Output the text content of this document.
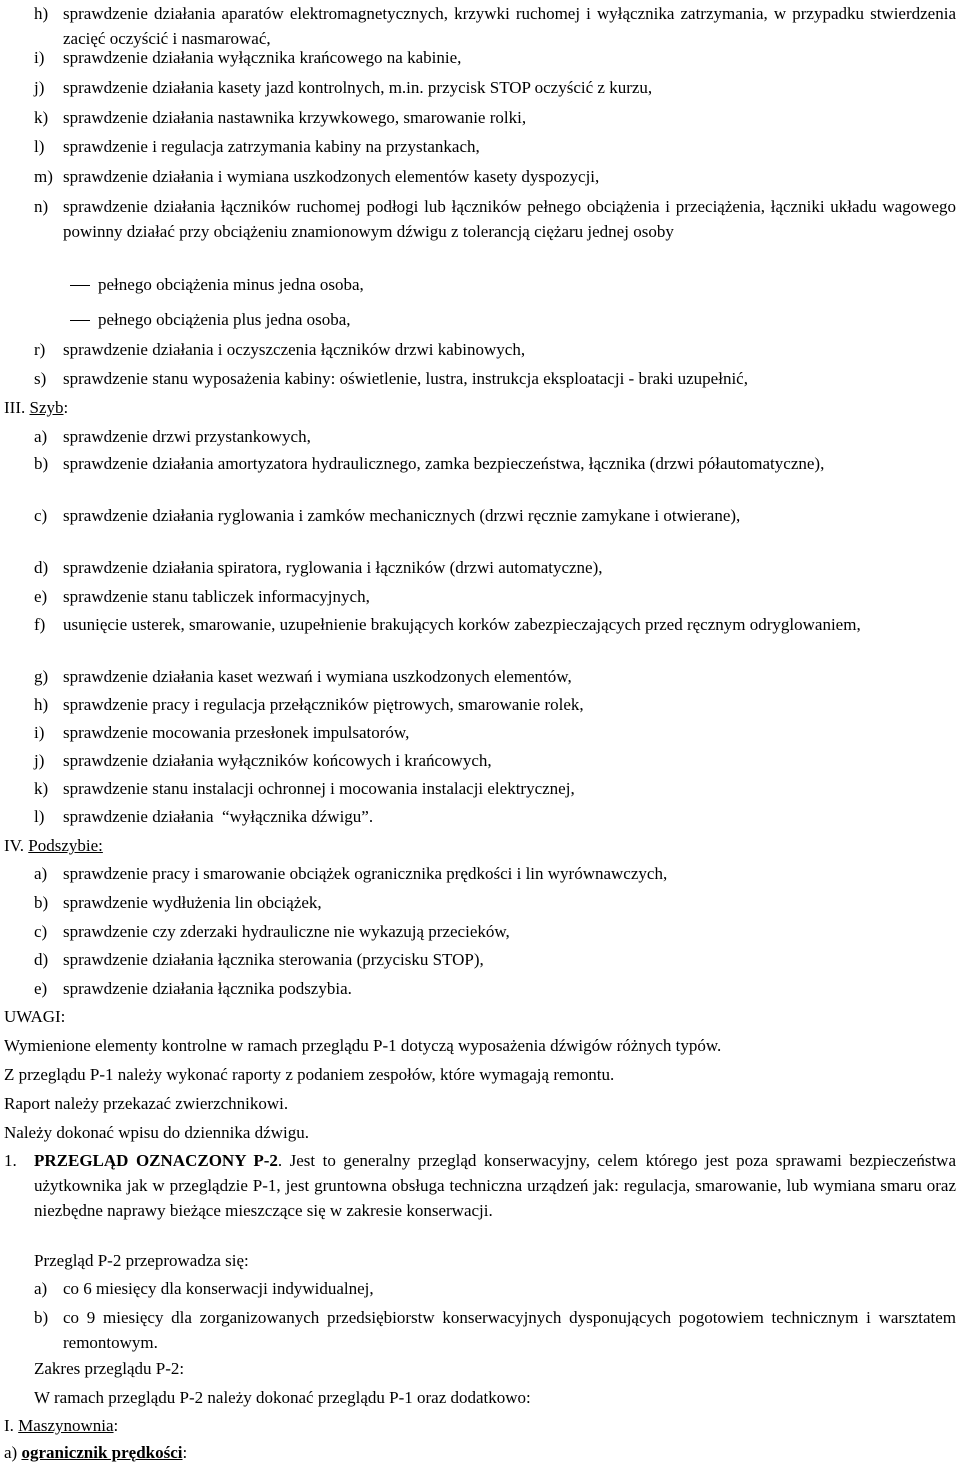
h) sprawdzenie działania aparatów elektromagnetycznych, krzywki ruchomej i wyłącznika zatrzymania, w przypadku stwierdzenia zacięć oczyścić i nasmarować,
i)	sprawdzenie działania wyłącznika krańcowego na kabinie,
j)	sprawdzenie działania kasety jazd kontrolnych, m.in. przycisk STOP oczyścić z kurzu,
k) sprawdzenie działania nastawnika krzywkowego, smarowanie rolki,
l)	sprawdzenie i regulacja zatrzymania kabiny na przystankach,
m) sprawdzenie działania i wymiana uszkodzonych elementów kasety dyspozycji,
n) sprawdzenie działania łączników ruchomej podłogi lub łączników pełnego obciążenia i przeciążenia, łączniki układu wagowego powinny działać przy obciążeniu znamionowym dźwigu z tolerancją ciężaru jednej osoby
pełnego obciążenia minus jedna osoba,
pełnego obciążenia plus jedna osoba,
r)	sprawdzenie działania i oczyszczenia łączników drzwi kabinowych,
s) sprawdzenie stanu wyposażenia kabiny: oświetlenie, lustra, instrukcja eksploatacji - braki uzupełnić,
III. Szyb:
a) sprawdzenie drzwi przystankowych,
b) sprawdzenie działania amortyzatora hydraulicznego, zamka bezpieczeństwa, łącznika (drzwi półautomatyczne),
c) sprawdzenie działania ryglowania i zamków mechanicznych (drzwi ręcznie zamykane i otwierane),
d) sprawdzenie działania spiratora, ryglowania i łączników (drzwi automatyczne),
e) sprawdzenie stanu tabliczek informacyjnych,
f)	usunięcie usterek, smarowanie, uzupełnienie brakujących korków zabezpieczających przed ręcznym odryglowaniem,
g) sprawdzenie działania kaset wezwań i wymiana uszkodzonych elementów,
h) sprawdzenie pracy i regulacja przełączników piętrowych, smarowanie rolek,
i)	sprawdzenie mocowania przesłonek impulsatorów,
j)	sprawdzenie działania wyłączników końcowych i krańcowych,
k) sprawdzenie stanu instalacji ochronnej i mocowania instalacji elektrycznej,
l)	sprawdzenie działania  “wyłącznika dźwigu”.
IV. Podszybie:
a) sprawdzenie pracy i smarowanie obciążek ogranicznika prędkości i lin wyrównawczych,
b) sprawdzenie wydłużenia lin obciążek,
c) sprawdzenie czy zderzaki hydrauliczne nie wykazują przecieków,
d) sprawdzenie działania łącznika sterowania (przycisku STOP),
e) sprawdzenie działania łącznika podszybia.
UWAGI:
Wymienione elementy kontrolne w ramach przeglądu P-1 dotyczą wyposażenia dźwigów różnych typów.
Z przeglądu P-1 należy wykonać raporty z podaniem zespołów, które wymagają remontu.
Raport należy przekazać zwierzchnikowi.
Należy dokonać wpisu do dziennika dźwigu.
1.	PRZEGLĄD OZNACZONY P-2. Jest to generalny przegląd konserwacyjny, celem którego jest poza sprawami bezpieczeństwa użytkownika jak w przeglądzie P-1, jest gruntowna obsługa techniczna urządzeń jak: regulacja, smarowanie, lub wymiana smaru oraz niezbędne naprawy bieżące mieszczące się w zakresie konserwacji.
Przegląd P-2 przeprowadza się:
a) co 6 miesięcy dla konserwacji indywidualnej,
b) co 9 miesięcy dla zorganizowanych przedsiębiorstw konserwacyjnych dysponujących pogotowiem technicznym i warsztatem remontowym.
Zakres przeglądu P-2:
W ramach przeglądu P-2 należy dokonać przeglądu P-1 oraz dodatkowo:
I. Maszynownia:
a) ogranicznik prędkości:
